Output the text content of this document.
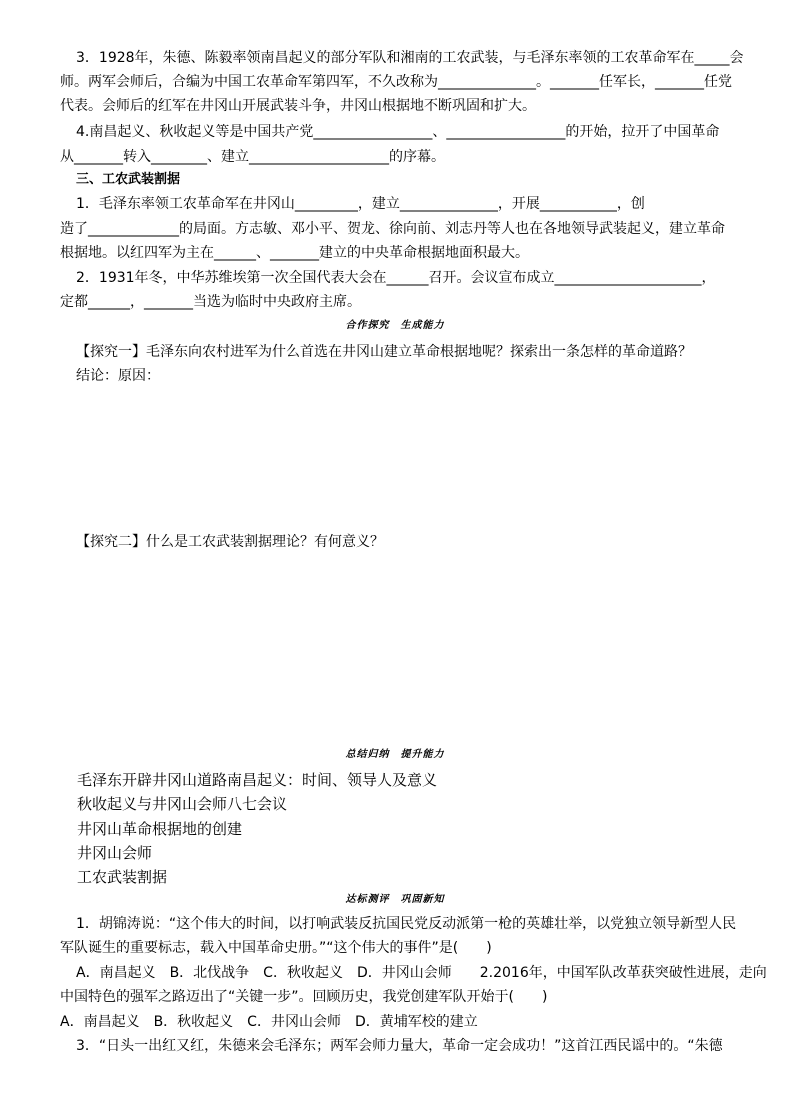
3．1928年，朱德、陈毅率领南昌起义的部分军队和湘南的工农武装，与毛泽东率领的工农革命军在_____会
师。两军会师后，合编为中国工农革命军第四军，不久改称为______________。_______任军长，_______任党
代表。会师后的红军在井冈山开展武装斗争，井冈山根据地不断巩固和扩大。
4.南昌起义、秋收起义等是中国共产党_________________、_________________的开始，拉开了中国革命
从_______转入________、建立____________________的序幕。
三、工农武装割据
1．毛泽东率领工农革命军在井冈山_________，建立______________，开展___________，创
造了_____________的局面。方志敏、邓小平、贺龙、徐向前、刘志丹等人也在各地领导武装起义，建立革命
根据地。以红四军为主在______、_______建立的中央革命根据地面积最大。
2．1931年冬，中华苏维埃第一次全国代表大会在______召开。会议宣布成立_____________________，
定都______，_______当选为临时中央政府主席。
合作探究　生成能力
【探究一】毛泽东向农村进军为什么首选在井冈山建立革命根据地呢？探索出一条怎样的革命道路？
结论：原因：
【探究二】什么是工农武装割据理论？有何意义？
总结归纳　提升能力
毛泽东开辟井冈山道路南昌起义：时间、领导人及意义
秋收起义与井冈山会师八七会议
井冈山革命根据地的创建
井冈山会师
工农武装割据
达标测评　巩固新知
1．胡锦涛说：“这个伟大的时间，以打响武装反抗国民党反动派第一枪的英雄壮举，以党独立领导新型人民
军队诞生的重要标志，载入中国革命史册。”“这个伟大的事件”是(　　)
A．南昌起义　B．北伐战争　C．秋收起义　D．井冈山会师　　2.2016年，中国军队改革获突破性进展，走向
中国特色的强军之路迈出了“关键一步”。回顾历史，我党创建军队开始于(　　)
A．南昌起义　B．秋收起义　C．井冈山会师　D．黄埔军校的建立
3．“日头一出红又红，朱德来会毛泽东；两军会师力量大，革命一定会成功！”这首江西民谣中的。“朱德
